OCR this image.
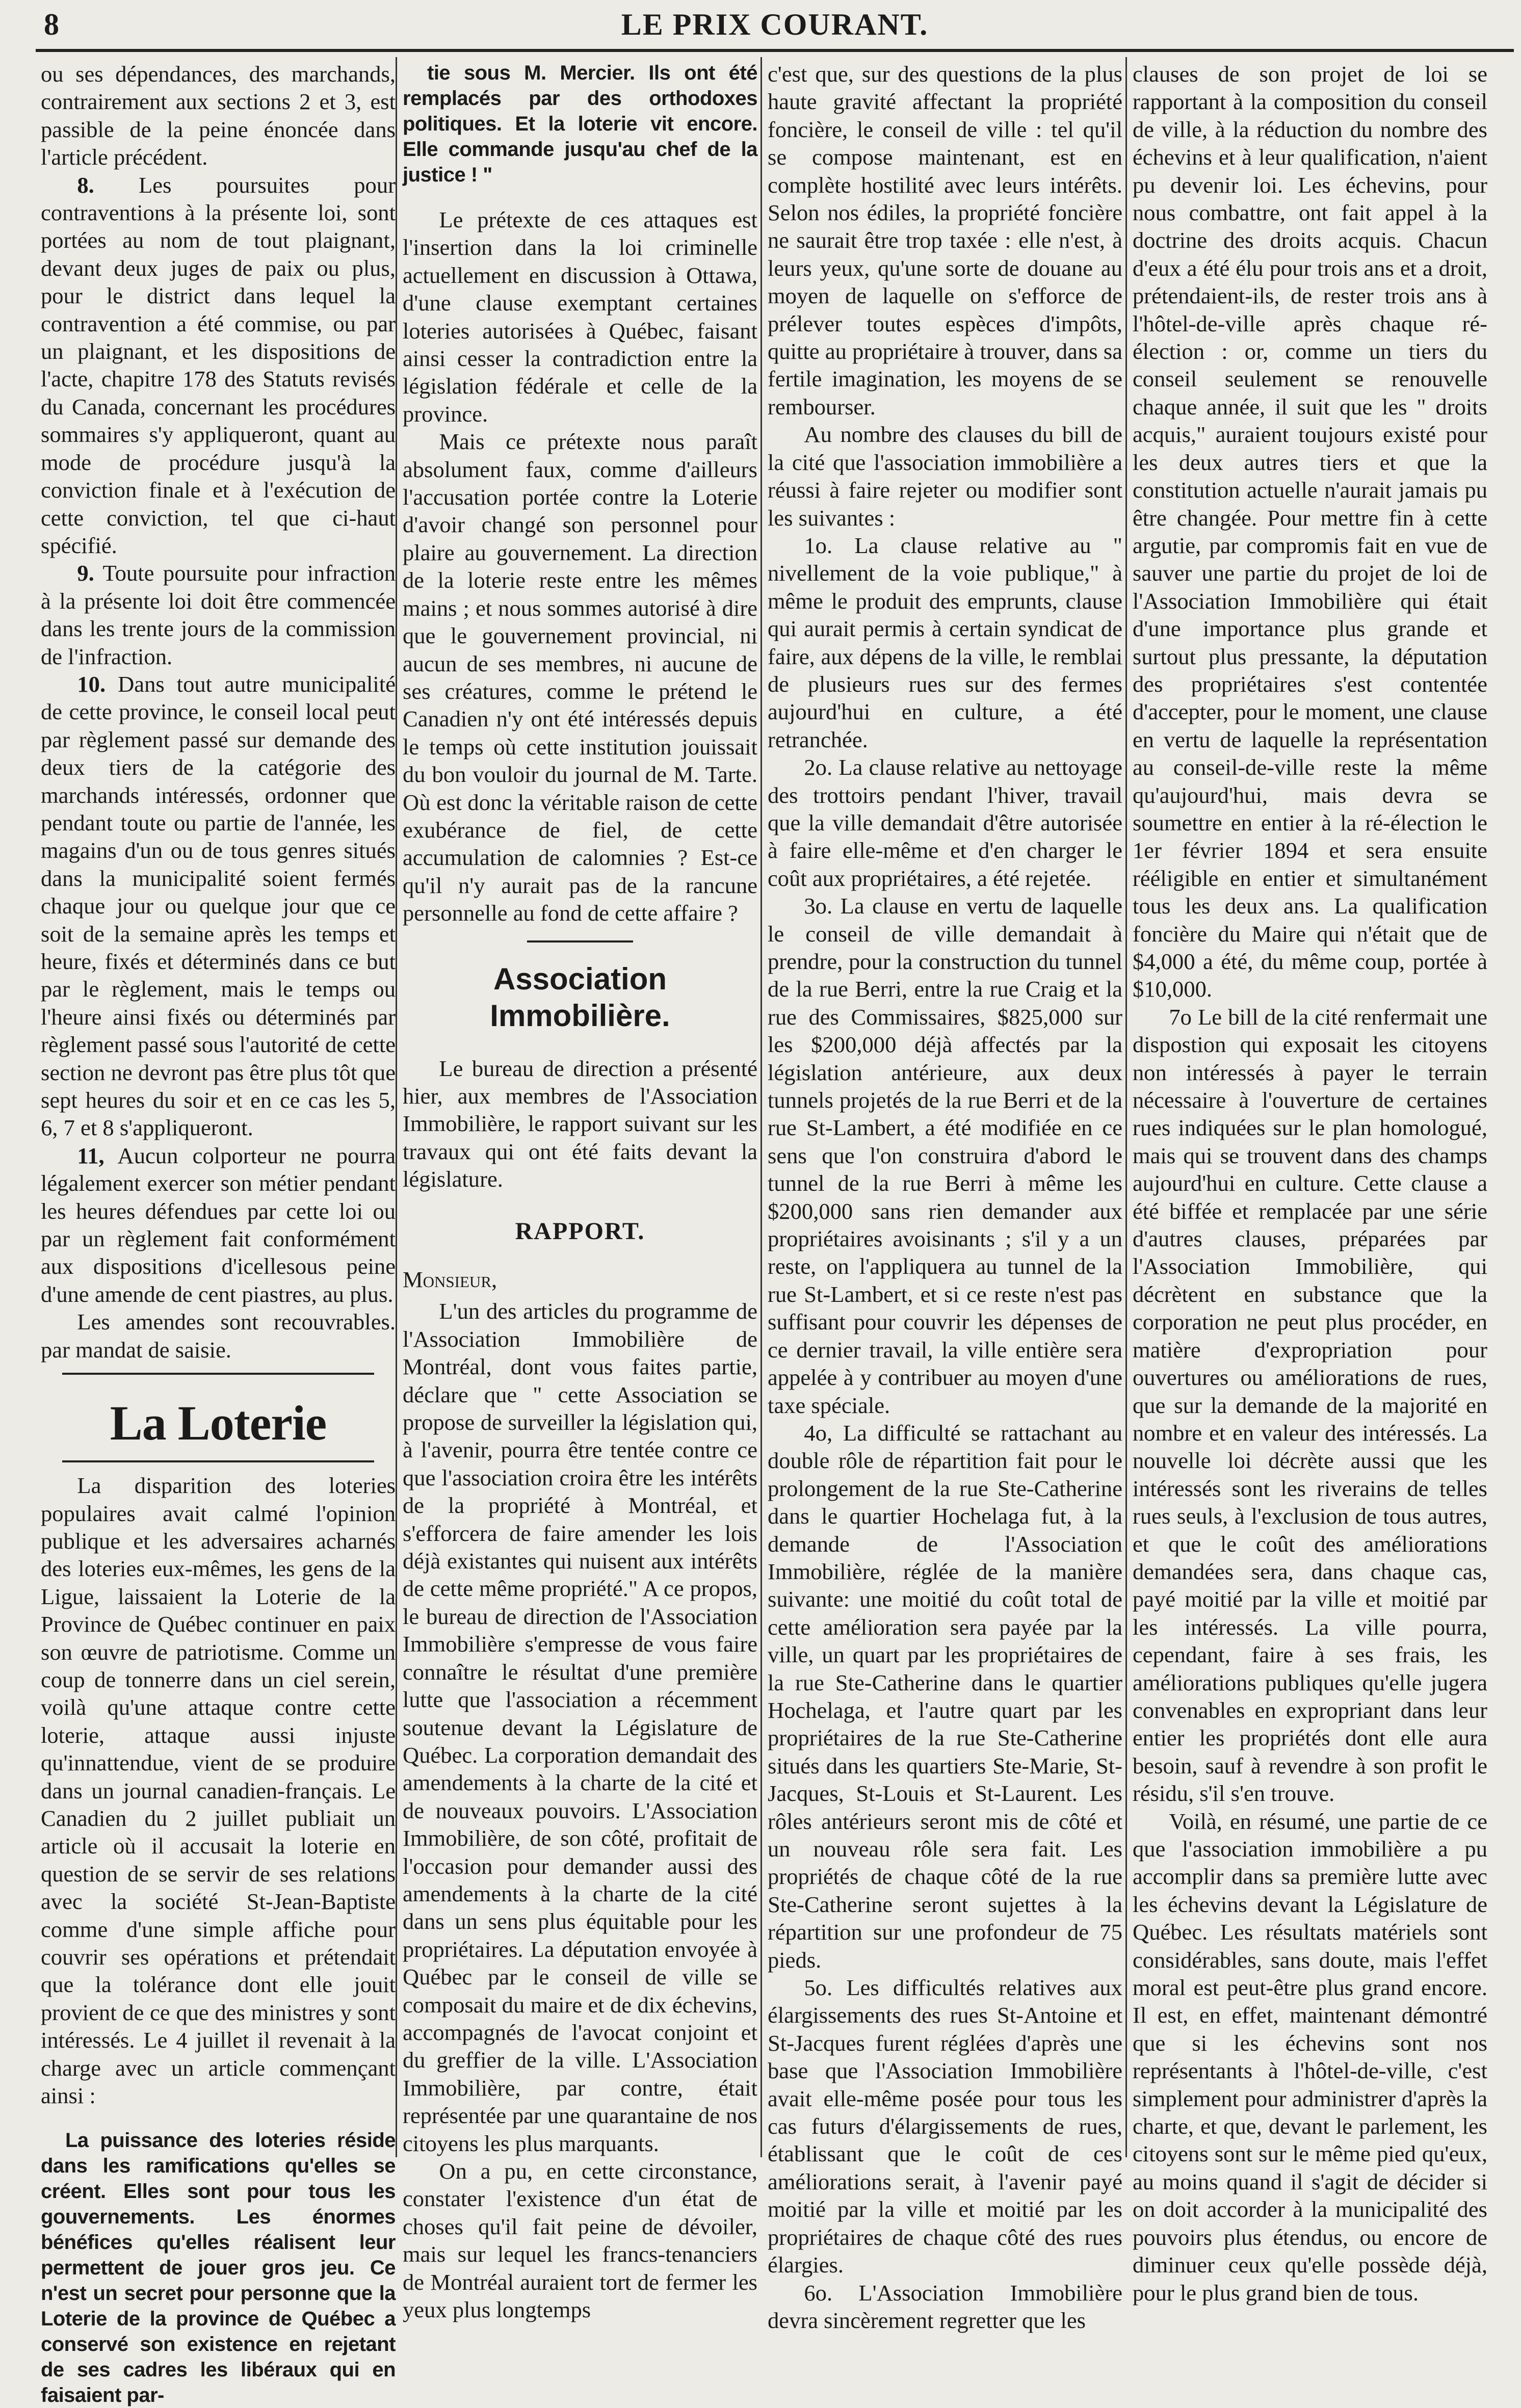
8	LE PRIX COURANT.

ou ses dépendances, des marchands, contrairement aux sections 2 et 3, est passible de la peine énoncée dans l'article précédent.

8. Les poursuites pour contraventions à la présente loi, sont portées au nom de tout plaignant, devant deux juges de paix ou plus, pour le district dans lequel la contravention a été commise, ou par un plaignant, et les dispositions de l'acte, chapitre 178 des Statuts revisés du Canada, concernant les procédures sommaires s'y appliqueront, quant au mode de procédure jusqu'à la conviction finale et à l'exécution de cette conviction, tel que ci-haut spécifié.

9. Toute poursuite pour infraction à la présente loi doit être commencée dans les trente jours de la commission de l'infraction.

10. Dans tout autre municipalité de cette province, le conseil local peut par règlement passé sur demande des deux tiers de la catégorie des marchands intéressés, ordonner que pendant toute ou partie de l'année, les magains d'un ou de tous genres situés dans la municipalité soient fermés chaque jour ou quelque jour que ce soit de la semaine après les temps et heure, fixés et déterminés dans ce but par le règlement, mais le temps ou l'heure ainsi fixés ou déterminés par règlement passé sous l'autorité de cette section ne devront pas être plus tôt que sept heures du soir et en ce cas les 5, 6, 7 et 8 s'appliqueront.

11, Aucun colporteur ne pourra légalement exercer son métier pendant les heures défendues par cette loi ou par un règlement fait conformément aux dispositions d'icellesous peine d'une amende de cent piastres, au plus.

Les amendes sont recouvrables. par mandat de saisie.

La Loterie

La disparition des loteries populaires avait calmé l'opinion publique et les adversaires acharnés des loteries eux-mêmes, les gens de la Ligue, laissaient la Loterie de la Province de Québec continuer en paix son œuvre de patriotisme. Comme un coup de tonnerre dans un ciel serein, voilà qu'une attaque contre cette loterie, attaque aussi injuste qu'innattendue, vient de se produire dans un journal canadien-français. Le Canadien du 2 juillet publiait un article où il accusait la loterie en question de se servir de ses relations avec la société St-Jean-Baptiste comme d'une simple affiche pour couvrir ses opérations et prétendait que la tolérance dont elle jouit provient de ce que des ministres y sont intéressés. Le 4 juillet il revenait à la charge avec un article commençant ainsi :

La puissance des loteries réside dans les ramifications qu'elles se créent. Elles sont pour tous les gouvernements. Les énormes bénéfices qu'elles réalisent leur permettent de jouer gros jeu. Ce n'est un secret pour personne que la Loterie de la province de Québec a conservé son existence en rejetant de ses cadres les libéraux qui en faisaient par-

tie sous M. Mercier. Ils ont été remplacés par des orthodoxes politiques. Et la loterie vit encore. Elle commande jusqu'au chef de la justice ! "

Le prétexte de ces attaques est l'insertion dans la loi criminelle actuellement en discussion à Ottawa, d'une clause exemptant certaines loteries autorisées à Québec, faisant ainsi cesser la contradiction entre la législation fédérale et celle de la province.

Mais ce prétexte nous paraît absolument faux, comme d'ailleurs l'accusation portée contre la Loterie d'avoir changé son personnel pour plaire au gouvernement. La direction de la loterie reste entre les mêmes mains ; et nous sommes autorisé à dire que le gouvernement provincial, ni aucun de ses membres, ni aucune de ses créatures, comme le prétend le Canadien n'y ont été intéressés depuis le temps où cette institution jouissait du bon vouloir du journal de M. Tarte. Où est donc la véritable raison de cette exubérance de fiel, de cette accumulation de calomnies ? Est-ce qu'il n'y aurait pas de la rancune personnelle au fond de cette affaire ?

Association Immobilière.

Le bureau de direction a présenté hier, aux membres de l'Association Immobilière, le rapport suivant sur les travaux qui ont été faits devant la législature.

RAPPORT.

Monsieur,

L'un des articles du programme de l'Association Immobilière de Montréal, dont vous faites partie, déclare que " cette Association se propose de surveiller la législation qui, à l'avenir, pourra être tentée contre ce que l'association croira être les intérêts de la propriété à Montréal, et s'efforcera de faire amender les lois déjà existantes qui nuisent aux intérêts de cette même propriété." A ce propos, le bureau de direction de l'Association Immobilière s'empresse de vous faire connaître le résultat d'une première lutte que l'association a récemment soutenue devant la Législature de Québec. La corporation demandait des amendements à la charte de la cité et de nouveaux pouvoirs. L'Association Immobilière, de son côté, profitait de l'occasion pour demander aussi des amendements à la charte de la cité dans un sens plus équitable pour les propriétaires. La députation envoyée à Québec par le conseil de ville se composait du maire et de dix échevins, accompagnés de l'avocat conjoint et du greffier de la ville. L'Association Immobilière, par contre, était représentée par une quarantaine de nos citoyens les plus marquants.

On a pu, en cette circonstance, constater l'existence d'un état de choses qu'il fait peine de dévoiler, mais sur lequel les francs-tenanciers de Montréal auraient tort de fermer les yeux plus longtemps

c'est que, sur des questions de la plus haute gravité affectant la propriété foncière, le conseil de ville : tel qu'il se compose maintenant, est en complète hostilité avec leurs intérêts. Selon nos édiles, la propriété foncière ne saurait être trop taxée : elle n'est, à leurs yeux, qu'une sorte de douane au moyen de laquelle on s'efforce de prélever toutes espèces d'impôts, quitte au propriétaire à trouver, dans sa fertile imagination, les moyens de se rembourser.

Au nombre des clauses du bill de la cité que l'association immobilière a réussi à faire rejeter ou modifier sont les suivantes :

1o. La clause relative au " nivellement de la voie publique," à même le produit des emprunts, clause qui aurait permis à certain syndicat de faire, aux dépens de la ville, le remblai de plusieurs rues sur des fermes aujourd'hui en culture, a été retranchée.

2o. La clause relative au nettoyage des trottoirs pendant l'hiver, travail que la ville demandait d'être autorisée à faire elle-même et d'en charger le coût aux propriétaires, a été rejetée.

3o. La clause en vertu de laquelle le conseil de ville demandait à prendre, pour la construction du tunnel de la rue Berri, entre la rue Craig et la rue des Commissaires, $825,000 sur les $200,000 déjà affectés par la législation antérieure, aux deux tunnels projetés de la rue Berri et de la rue St-Lambert, a été modifiée en ce sens que l'on construira d'abord le tunnel de la rue Berri à même les $200,000 sans rien demander aux propriétaires avoisinants ; s'il y a un reste, on l'appliquera au tunnel de la rue St-Lambert, et si ce reste n'est pas suffisant pour couvrir les dépenses de ce dernier travail, la ville entière sera appelée à y contribuer au moyen d'une taxe spéciale.

4o, La difficulté se rattachant au double rôle de répartition fait pour le prolongement de la rue Ste-Catherine dans le quartier Hochelaga fut, à la demande de l'Association Immobilière, réglée de la manière suivante: une moitié du coût total de cette amélioration sera payée par la ville, un quart par les propriétaires de la rue Ste-Catherine dans le quartier Hochelaga, et l'autre quart par les propriétaires de la rue Ste-Catherine situés dans les quartiers Ste-Marie, St-Jacques, St-Louis et St-Laurent. Les rôles antérieurs seront mis de côté et un nouveau rôle sera fait. Les propriétés de chaque côté de la rue Ste-Catherine seront sujettes à la répartition sur une profondeur de 75 pieds.

5o. Les difficultés relatives aux élargissements des rues St-Antoine et St-Jacques furent réglées d'après une base que l'Association Immobilière avait elle-même posée pour tous les cas futurs d'élargissements de rues, établissant que le coût de ces améliorations serait, à l'avenir payé moitié par la ville et moitié par les propriétaires de chaque côté des rues élargies.

6o. L'Association Immobilière devra sincèrement regretter que les

clauses de son projet de loi se rapportant à la composition du conseil de ville, à la réduction du nombre des échevins et à leur qualification, n'aient pu devenir loi. Les échevins, pour nous combattre, ont fait appel à la doctrine des droits acquis. Chacun d'eux a été élu pour trois ans et a droit, prétendaient-ils, de rester trois ans à l'hôtel-de-ville après chaque ré-élection : or, comme un tiers du conseil seulement se renouvelle chaque année, il suit que les " droits acquis," auraient toujours existé pour les deux autres tiers et que la constitution actuelle n'aurait jamais pu être changée. Pour mettre fin à cette argutie, par compromis fait en vue de sauver une partie du projet de loi de l'Association Immobilière qui était d'une importance plus grande et surtout plus pressante, la députation des propriétaires s'est contentée d'accepter, pour le moment, une clause en vertu de laquelle la représentation au conseil-de-ville reste la même qu'aujourd'hui, mais devra se soumettre en entier à la ré-élection le 1er février 1894 et sera ensuite rééligible en entier et simultanément tous les deux ans. La qualification foncière du Maire qui n'était que de $4,000 a été, du même coup, portée à $10,000.

7o Le bill de la cité renfermait une dispostion qui exposait les citoyens non intéressés à payer le terrain nécessaire à l'ouverture de certaines rues indiquées sur le plan homologué, mais qui se trouvent dans des champs aujourd'hui en culture. Cette clause a été biffée et remplacée par une série d'autres clauses, préparées par l'Association Immobilière, qui décrètent en substance que la corporation ne peut plus procéder, en matière d'expropriation pour ouvertures ou améliorations de rues, que sur la demande de la majorité en nombre et en valeur des intéressés. La nouvelle loi décrète aussi que les intéressés sont les riverains de telles rues seuls, à l'exclusion de tous autres, et que le coût des améliorations demandées sera, dans chaque cas, payé moitié par la ville et moitié par les intéressés. La ville pourra, cependant, faire à ses frais, les améliorations publiques qu'elle jugera convenables en expropriant dans leur entier les propriétés dont elle aura besoin, sauf à revendre à son profit le résidu, s'il s'en trouve.

Voilà, en résumé, une partie de ce que l'association immobilière a pu accomplir dans sa première lutte avec les échevins devant la Législature de Québec. Les résultats matériels sont considérables, sans doute, mais l'effet moral est peut-être plus grand encore. Il est, en effet, maintenant démontré que si les échevins sont nos représentants à l'hôtel-de-ville, c'est simplement pour administrer d'après la charte, et que, devant le parlement, les citoyens sont sur le même pied qu'eux, au moins quand il s'agit de décider si on doit accorder à la municipalité des pouvoirs plus étendus, ou encore de diminuer ceux qu'elle possède déjà, pour le plus grand bien de tous.
